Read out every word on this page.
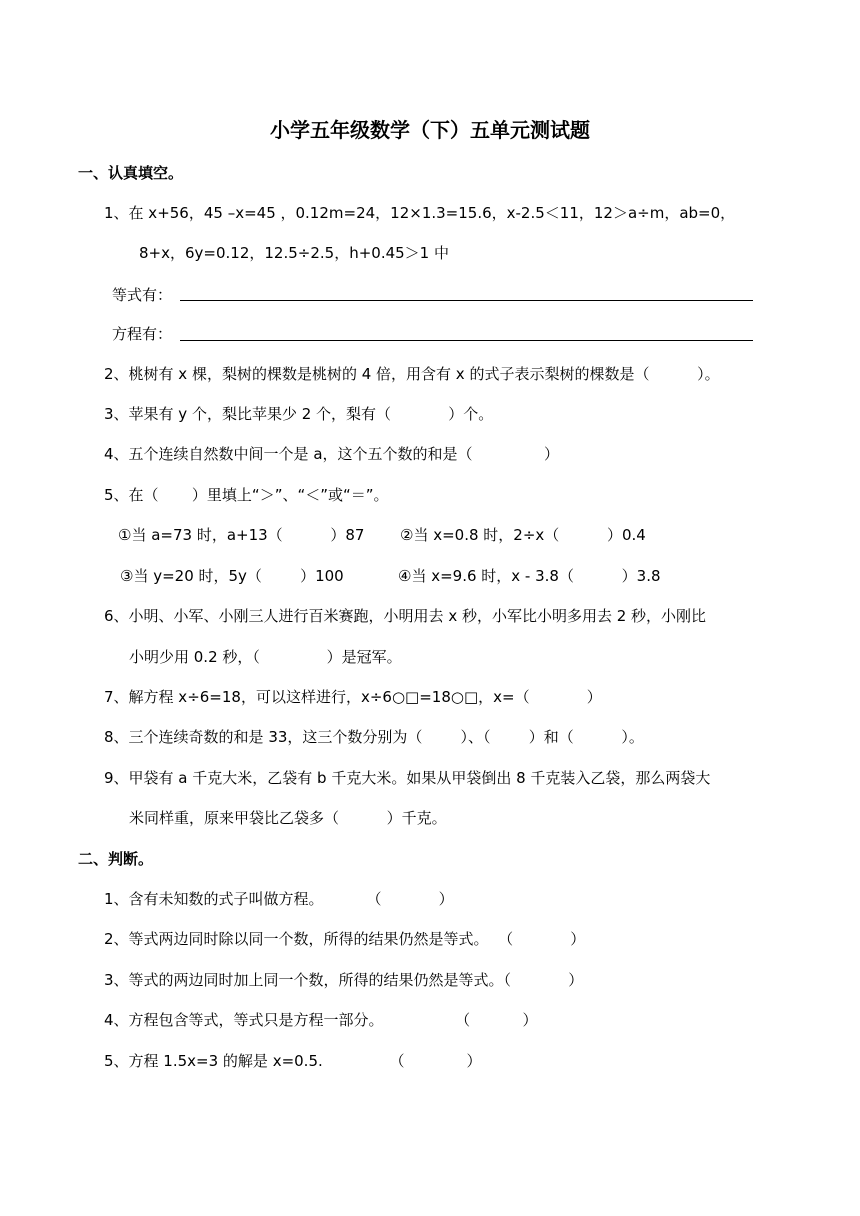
小学五年级数学（下）五单元测试题
一、认真填空。
1、在 x+56，45 –x=45 ，0.12m=24，12×1.3=15.6，x-2.5＜11，12＞a÷m，ab=0，
8+x，6y=0.12，12.5÷2.5，h+0.45＞1 中
等式有：
方程有：
2、桃树有 x 棵，梨树的棵数是桃树的 4 倍，用含有 x 的式子表示梨树的棵数是（          ）。
3、苹果有 y 个，梨比苹果少 2 个，梨有（            ）个。
4、五个连续自然数中间一个是 a，这个五个数的和是（               ）
5、在（       ）里填上“＞”、“＜”或“＝”。
①当 a=73 时，a+13（          ）87 ②当 x=0.8 时，2÷x（          ）0.4
③当 y=20 时，5y（        ）100	④当 x=9.6 时，x - 3.8（          ）3.8
6、小明、小军、小刚三人进行百米赛跑，小明用去 x 秒，小军比小明多用去 2 秒，小刚比
小明少用 0.2 秒，（              ）是冠军。
7、解方程 x÷6=18，可以这样进行，x÷6○□=18○□，x=（            ）
8、三个连续奇数的和是 33，这三个数分别为（        ）、（        ）和（          ）。
9、甲袋有 a 千克大米，乙袋有 b 千克大米。如果从甲袋倒出 8 千克装入乙袋，那么两袋大
米同样重，原来甲袋比乙袋多（          ）千克。
二、判断。
1、含有未知数的式子叫做方程。         （            ）
2、等式两边同时除以同一个数，所得的结果仍然是等式。  （            ）
3、等式的两边同时加上同一个数，所得的结果仍然是等式。（            ）
4、方程包含等式，等式只是方程一部分。               （           ）
5、方程 1.5x=3 的解是 x=0.5.              （             ）
